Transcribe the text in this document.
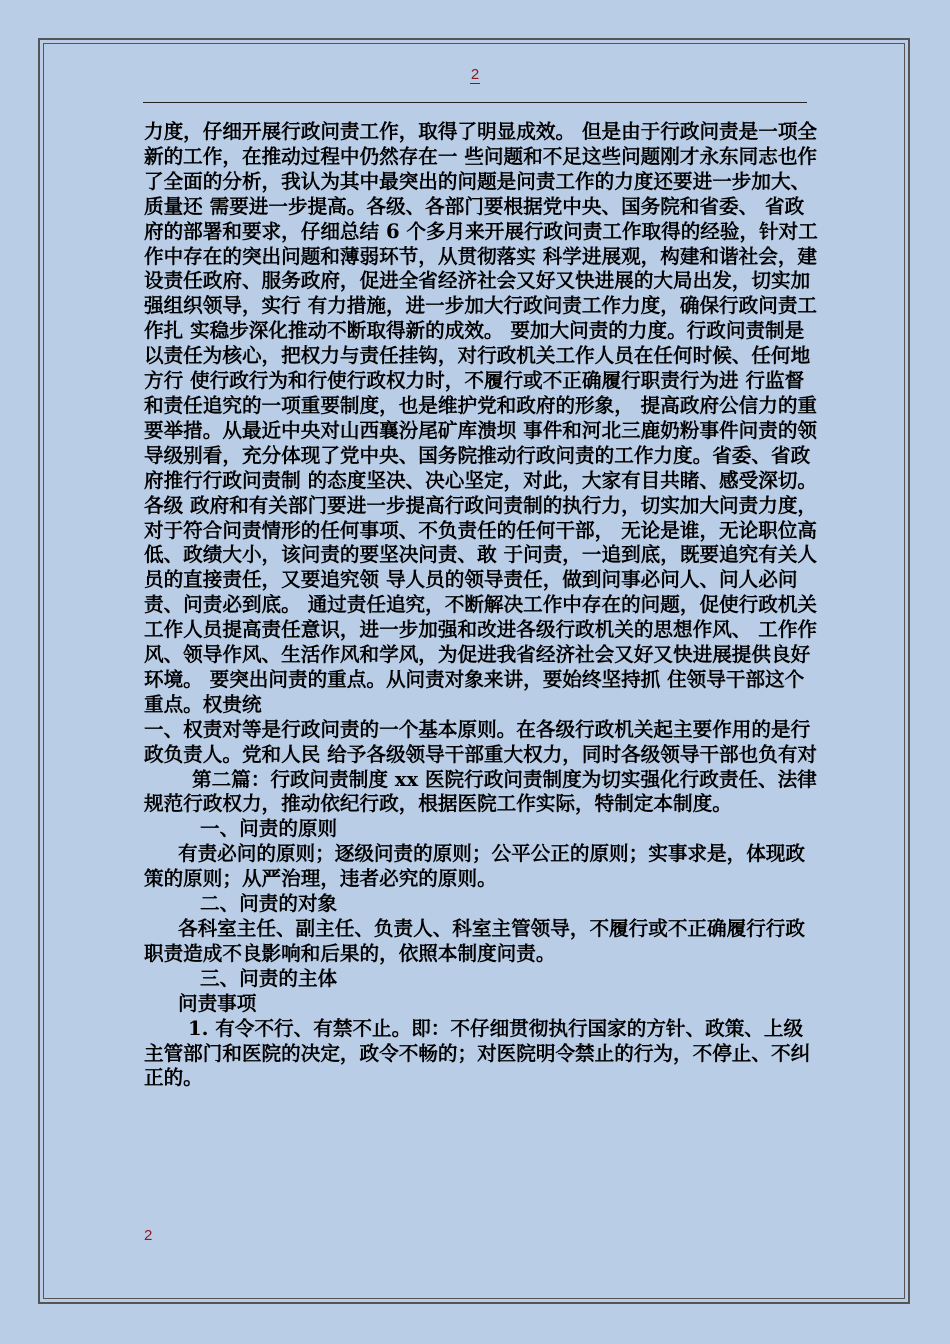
2

力度，仔细开展行政问责工作，取得了明显成效。 但是由于行政问责是一项全新的工作，在推动过程中仍然存在一 些问题和不足这些问题刚才永东同志也作了全面的分析，我认为其中最突出的问题是问责工作的力度还要进一步加大、质量还 需要进一步提高。各级、各部门要根据党中央、国务院和省委、 省政府的部署和要求，仔细总结 6 个多月来开展行政问责工作取得的经验，针对工作中存在的突出问题和薄弱环节，从贯彻落实 科学进展观，构建和谐社会，建设责任政府、服务政府，促进全省经济社会又好又快进展的大局出发，切实加强组织领导，实行 有力措施，进一步加大行政问责工作力度，确保行政问责工作扎 实稳步深化推动不断取得新的成效。 要加大问责的力度。行政问责制是以责任为核心，把权力与责任挂钩，对行政机关工作人员在任何时候、任何地方行 使行政行为和行使行政权力时，不履行或不正确履行职责行为进 行监督和责任追究的一项重要制度，也是维护党和政府的形象， 提高政府公信力的重要举措。从最近中央对山西襄汾尾矿库溃坝 事件和河北三鹿奶粉事件问责的领导级别看，充分体现了党中央、国务院推动行政问责的工作力度。省委、省政府推行行政问责制 的态度坚决、决心坚定，对此，大家有目共睹、感受深切。各级 政府和有关部门要进一步提高行政问责制的执行力，切实加大问责力度，对于符合问责情形的任何事项、不负责任的任何干部， 无论是谁，无论职位高低、政绩大小，该问责的要坚决问责、敢 于问责，一追到底，既要追究有关人员的直接责任，又要追究领 导人员的领导责任，做到问事必问人、问人必问责、问责必到底。 通过责任追究，不断解决工作中存在的问题，促使行政机关工作人员提高责任意识，进一步加强和改进各级行政机关的思想作风、 工作作风、领导作风、生活作风和学风，为促进我省经济社会又好又快进展提供良好环境。 要突出问责的重点。从问责对象来讲，要始终坚持抓 住领导干部这个重点。权贵统

一、权责对等是行政问责的一个基本原则。在各级行政机关起主要作用的是行政负责人。党和人民 给予各级领导干部重大权力，同时各级领导干部也负有对

第二篇：行政问责制度 xx 医院行政问责制度为切实强化行政责任、法律规范行政权力，推动依纪行政，根据医院工作实际，特制定本制度。

一、问责的原则

有责必问的原则；逐级问责的原则；公平公正的原则；实事求是，体现政策的原则；从严治理，违者必究的原则。

二、问责的对象

各科室主任、副主任、负责人、科室主管领导，不履行或不正确履行行政职责造成不良影响和后果的，依照本制度问责。

三、问责的主体

问责事项

1. 有令不行、有禁不止。即：不仔细贯彻执行国家的方针、政策、上级主管部门和医院的决定，政令不畅的；对医院明令禁止的行为，不停止、不纠正的。

2
